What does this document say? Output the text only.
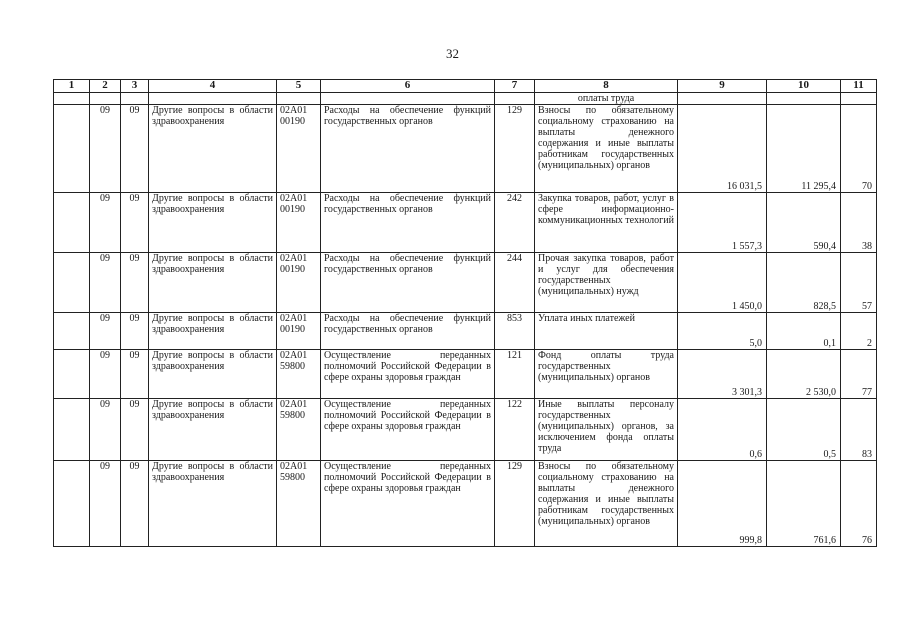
32
1	2	3	4	5	6	7	8	9	10	11
							оплаты труда			
	09	09	Другие вопросы в области здравоохранения	02А01 00190	Расходы на обеспечение функций государственных органов	129	Взносы по обязательному социальному страхованию на выплаты денежного содержания и иные выплаты работникам государственных (муниципальных) органов	16 031,5	11 295,4	70
	09	09	Другие вопросы в области здравоохранения	02А01 00190	Расходы на обеспечение функций государственных органов	242	Закупка товаров, работ, услуг в сфере информационно-коммуникационных технологий	1 557,3	590,4	38
	09	09	Другие вопросы в области здравоохранения	02А01 00190	Расходы на обеспечение функций государственных органов	244	Прочая закупка товаров, работ и услуг для обеспечения государственных (муниципальных) нужд	1 450,0	828,5	57
	09	09	Другие вопросы в области здравоохранения	02А01 00190	Расходы на обеспечение функций государственных органов	853	Уплата иных платежей	5,0	0,1	2
	09	09	Другие вопросы в области здравоохранения	02А01 59800	Осуществление переданных полномочий Российской Федерации в сфере охраны здоровья граждан	121	Фонд оплаты труда государственных (муниципальных) органов	3 301,3	2 530,0	77
	09	09	Другие вопросы в области здравоохранения	02А01 59800	Осуществление переданных полномочий Российской Федерации в сфере охраны здоровья граждан	122	Иные выплаты персоналу государственных (муниципальных) органов, за исключением фонда оплаты труда	0,6	0,5	83
	09	09	Другие вопросы в области здравоохранения	02А01 59800	Осуществление переданных полномочий Российской Федерации в сфере охраны здоровья граждан	129	Взносы по обязательному социальному страхованию на выплаты денежного содержания и иные выплаты работникам государственных (муниципальных) органов	999,8	761,6	76
